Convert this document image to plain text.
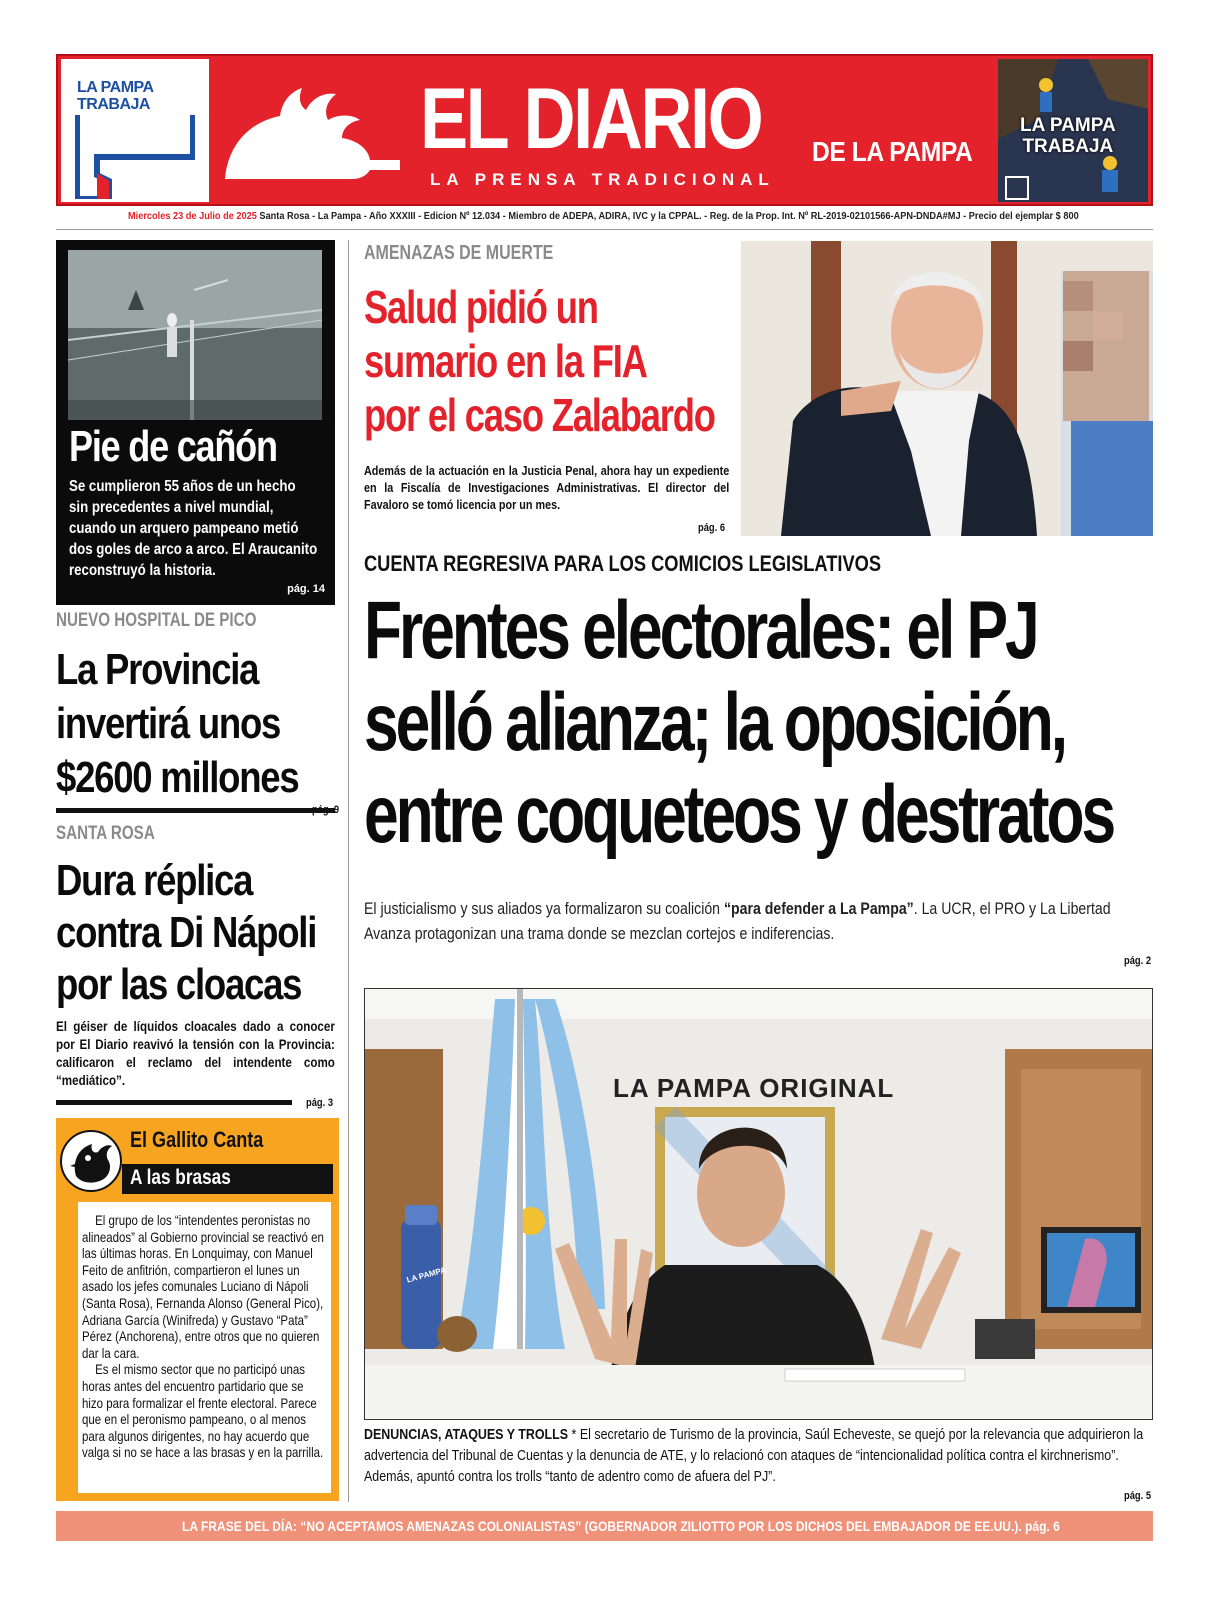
LA PAMPA
TRABAJA	EL DIARIO DE LA PAMPA
LA PRENSA TRADICIONAL
LA PAMPA
TRABAJA
Miercoles 23 de Julio de 2025 Santa Rosa - La Pampa - Año XXXIII - Edicion Nº 12.034 - Miembro de ADEPA, ADIRA, IVC y la CPPAL. - Reg. de la Prop. Int. Nº RL-2019-02101566-APN-DNDA#MJ - Precio del ejemplar $ 800
Pie de cañón
Se cumplieron 55 años de un hecho sin precedentes a nivel mundial, cuando un arquero pampeano metió dos goles de arco a arco. El Araucanito reconstruyó la historia.
pág. 14
NUEVO HOSPITAL DE PICO
La Provincia
invertirá unos
$2600 millones
pág. 9
SANTA ROSA
Dura réplica
contra Di Nápoli
por las cloacas
El géiser de líquidos cloacales dado a conocer por El Diario reavivó la tensión con la Provincia: calificaron el reclamo del intendente como “mediático”.
pág. 3
El Gallito Canta
A las brasas

El grupo de los “intendentes peronistas no alineados” al Gobierno provincial se reactivó en las últimas horas. En Lonquimay, con Manuel Feito de anfitrión, compartieron el lunes un asado los jefes comunales Luciano di Nápoli (Santa Rosa), Fernanda Alonso (General Pico), Adriana García (Winifreda) y Gustavo “Pata” Pérez (Anchorena), entre otros que no quieren dar la cara.

Es el mismo sector que no participó unas horas antes del encuentro partidario que se hizo para formalizar el frente electoral. Parece que en el peronismo pampeano, o al menos para algunos dirigentes, no hay acuerdo que valga si no se hace a las brasas y en la parrilla.

AMENAZAS DE MUERTE
Salud pidió un
sumario en la FIA
por el caso Zalabardo
Además de la actuación en la Justicia Penal, ahora hay un expediente en la Fiscalía de Investigaciones Administrativas. El director del Favaloro se tomó licencia por un mes.
pág. 6
CUENTA REGRESIVA PARA LOS COMICIOS LEGISLATIVOS
Frentes electorales: el PJ
selló alianza; la oposición,
entre coqueteos y destratos
El justicialismo y sus aliados ya formalizaron su coalición “para defender a La Pampa”. La UCR, el PRO y La Libertad Avanza protagonizan una trama donde se mezclan cortejos e indiferencias.
pág. 2
LA PAMPA ORIGINAL
LA PAMPA
DENUNCIAS, ATAQUES Y TROLLS * El secretario de Turismo de la provincia, Saúl Echeveste, se quejó por la relevancia que adquirieron la advertencia del Tribunal de Cuentas y la denuncia de ATE, y lo relacionó con ataques de “intencionalidad política contra el kirchnerismo”. Además, apuntó contra los trolls “tanto de adentro como de afuera del PJ”.
pág. 5
LA FRASE DEL DÍA: “NO ACEPTAMOS AMENAZAS COLONIALISTAS” (GOBERNADOR ZILIOTTO POR LOS DICHOS DEL EMBAJADOR DE EE.UU.). pág. 6
